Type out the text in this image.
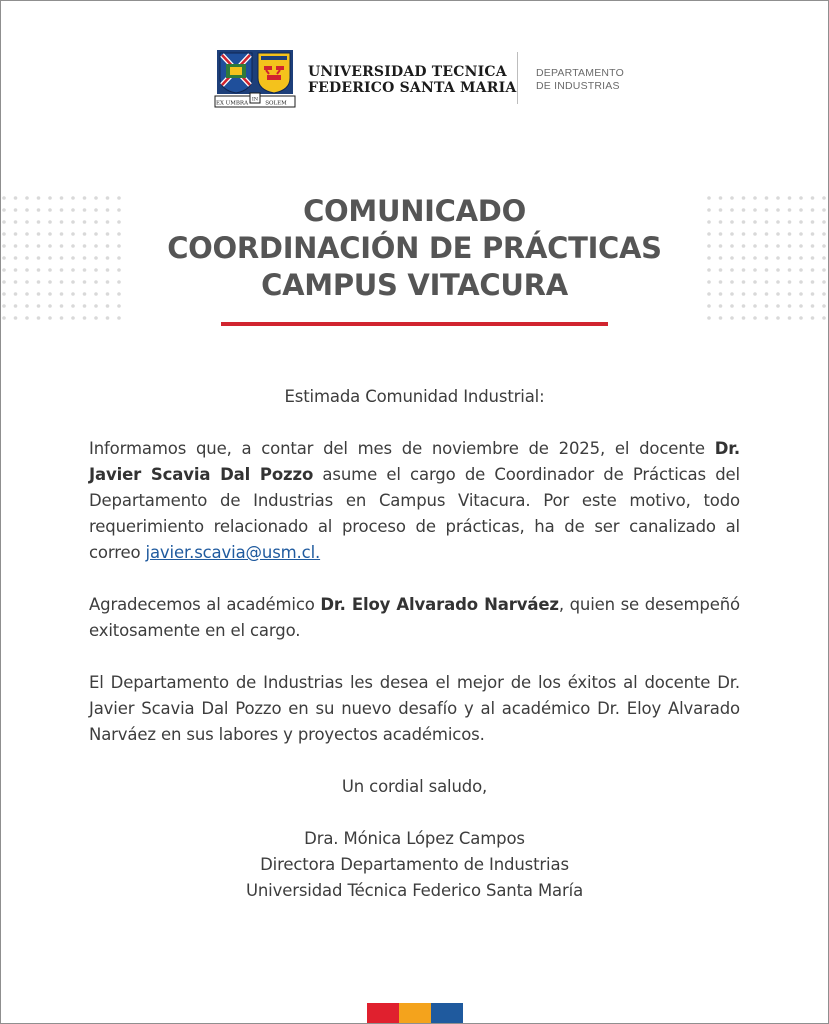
EX UMBRA
IN
SOLEM
UNIVERSIDAD TECNICA
FEDERICO SANTA MARIA
DEPARTAMENTO
DE INDUSTRIAS
COMUNICADO
COORDINACIÓN DE PRÁCTICAS
CAMPUS VITACURA

Estimada Comunidad Industrial:

Informamos que, a contar del mes de noviembre de 2025, el docente Dr. Javier Scavia Dal Pozzo asume el cargo de Coordinador de Prácticas del Departamento de Industrias en Campus Vitacura. Por este motivo, todo requerimiento relacionado al proceso de prácticas, ha de ser canalizado al correo javier.scavia@usm.cl.

Agradecemos al académico Dr. Eloy Alvarado Narváez, quien se desempeñó exitosamente en el cargo.

El Departamento de Industrias les desea el mejor de los éxitos al docente Dr. Javier Scavia Dal Pozzo en su nuevo desafío y al académico Dr. Eloy Alvarado Narváez en sus labores y proyectos académicos.

Un cordial saludo,

Dra. Mónica López Campos
Directora Departamento de Industrias
Universidad Técnica Federico Santa María
